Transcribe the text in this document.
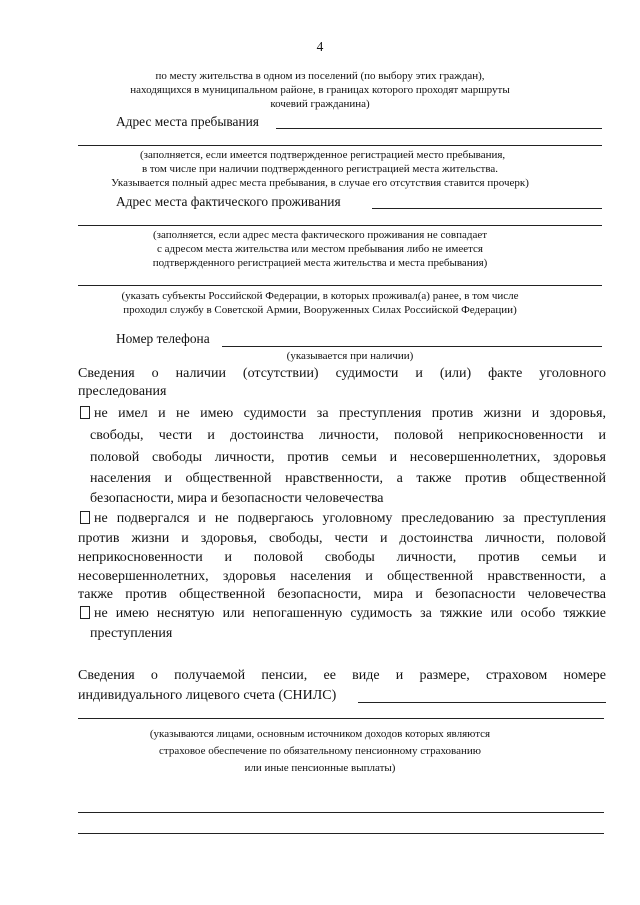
4
по месту жительства в одном из поселений (по выбору этих граждан),
находящихся в муниципальном районе, в границах которого проходят маршруты
кочевий гражданина)
Адрес места пребывания
(заполняется, если имеется подтвержденное регистрацией место пребывания,
в том числе при наличии подтвержденного регистрацией места жительства.
Указывается полный адрес места пребывания, в случае его отсутствия ставится прочерк)
Адрес места фактического проживания
(заполняется, если адрес места фактического проживания не совпадает
с адресом места жительства или местом пребывания либо не имеется
подтвержденного регистрацией места жительства и места пребывания)
(указать субъекты Российской Федерации, в которых проживал(а) ранее, в том числе
проходил службу в Советской Армии, Вооруженных Силах Российской Федерации)
Номер телефона
(указывается при наличии)
Сведения о наличии (отсутствии) судимости и (или) факте уголовного
преследования
не имел и не имею судимости за преступления против жизни и здоровья,
свободы, чести и достоинства личности, половой неприкосновенности и
половой свободы личности, против семьи и несовершеннолетних, здоровья
населения и общественной нравственности, а также против общественной
безопасности, мира и безопасности человечества
не подвергался и не подвергаюсь уголовному преследованию за преступления
против жизни и здоровья, свободы, чести и достоинства личности, половой
неприкосновенности и половой свободы личности, против семьи и
несовершеннолетних, здоровья населения и общественной нравственности, а
также против общественной безопасности, мира и безопасности человечества
не имею неснятую или непогашенную судимость за тяжкие или особо тяжкие
преступления
Сведения о получаемой пенсии, ее виде и размере, страховом номере
индивидуального лицевого счета (СНИЛС)
(указываются лицами, основным источником доходов которых являются
страховое обеспечение по обязательному пенсионному страхованию
или иные пенсионные выплаты)
